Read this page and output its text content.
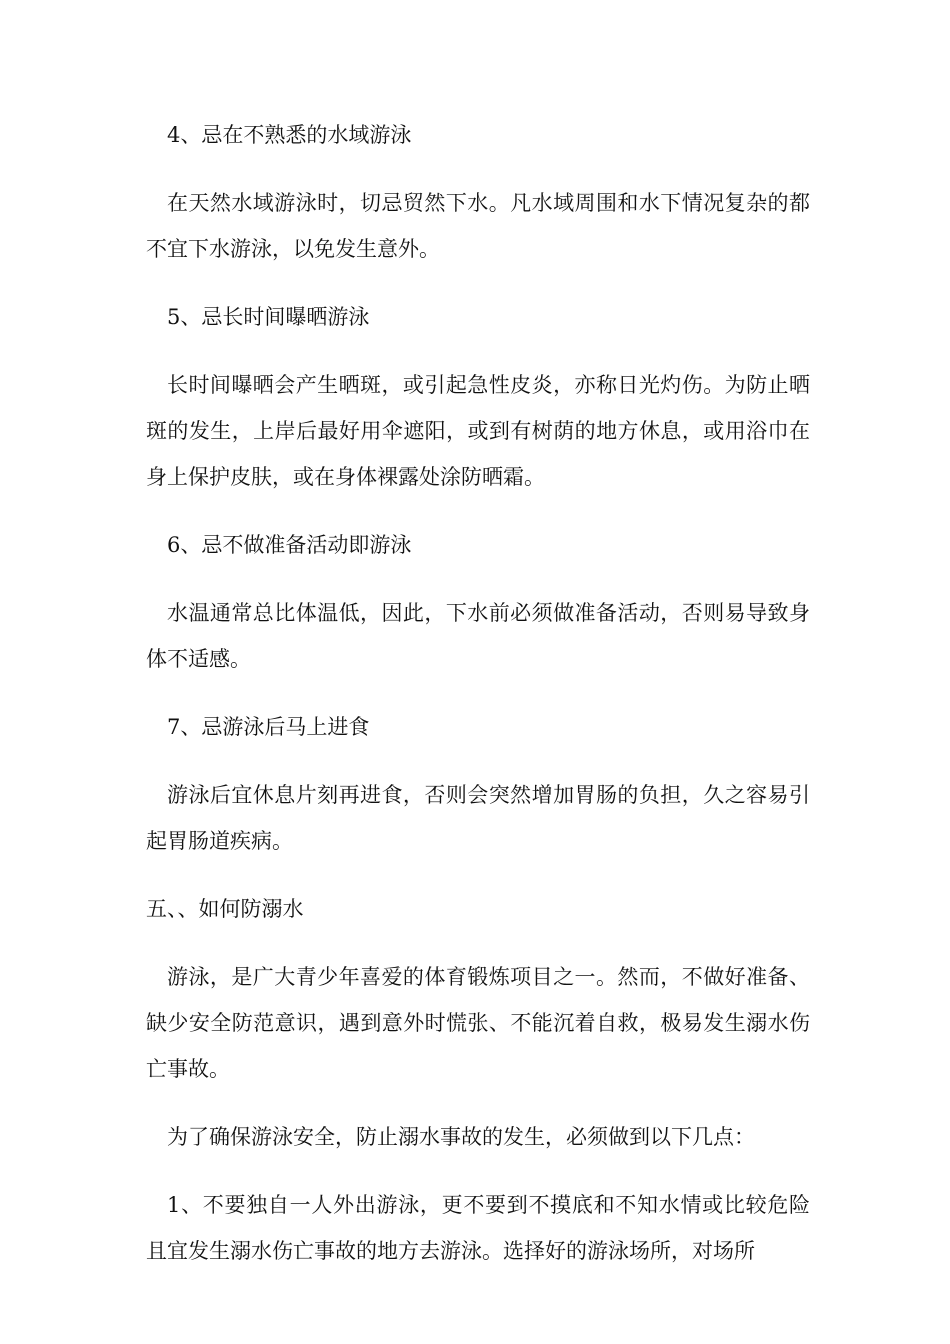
4、忌在不熟悉的水域游泳

在天然水域游泳时，切忌贸然下水。凡水域周围和水下情况复杂的都不宜下水游泳，以免发生意外。

5、忌长时间曝晒游泳

长时间曝晒会产生晒斑，或引起急性皮炎，亦称日光灼伤。为防止晒斑的发生，上岸后最好用伞遮阳，或到有树荫的地方休息，或用浴巾在身上保护皮肤，或在身体裸露处涂防晒霜。

6、忌不做准备活动即游泳

水温通常总比体温低，因此，下水前必须做准备活动，否则易导致身体不适感。

7、忌游泳后马上进食

游泳后宜休息片刻再进食，否则会突然增加胃肠的负担，久之容易引起胃肠道疾病。

五、、如何防溺水

游泳，是广大青少年喜爱的体育锻炼项目之一。然而，不做好准备、缺少安全防范意识，遇到意外时慌张、不能沉着自救，极易发生溺水伤亡事故。

为了确保游泳安全，防止溺水事故的发生，必须做到以下几点：

1、不要独自一人外出游泳，更不要到不摸底和不知水情或比较危险且宜发生溺水伤亡事故的地方去游泳。选择好的游泳场所，对场所
